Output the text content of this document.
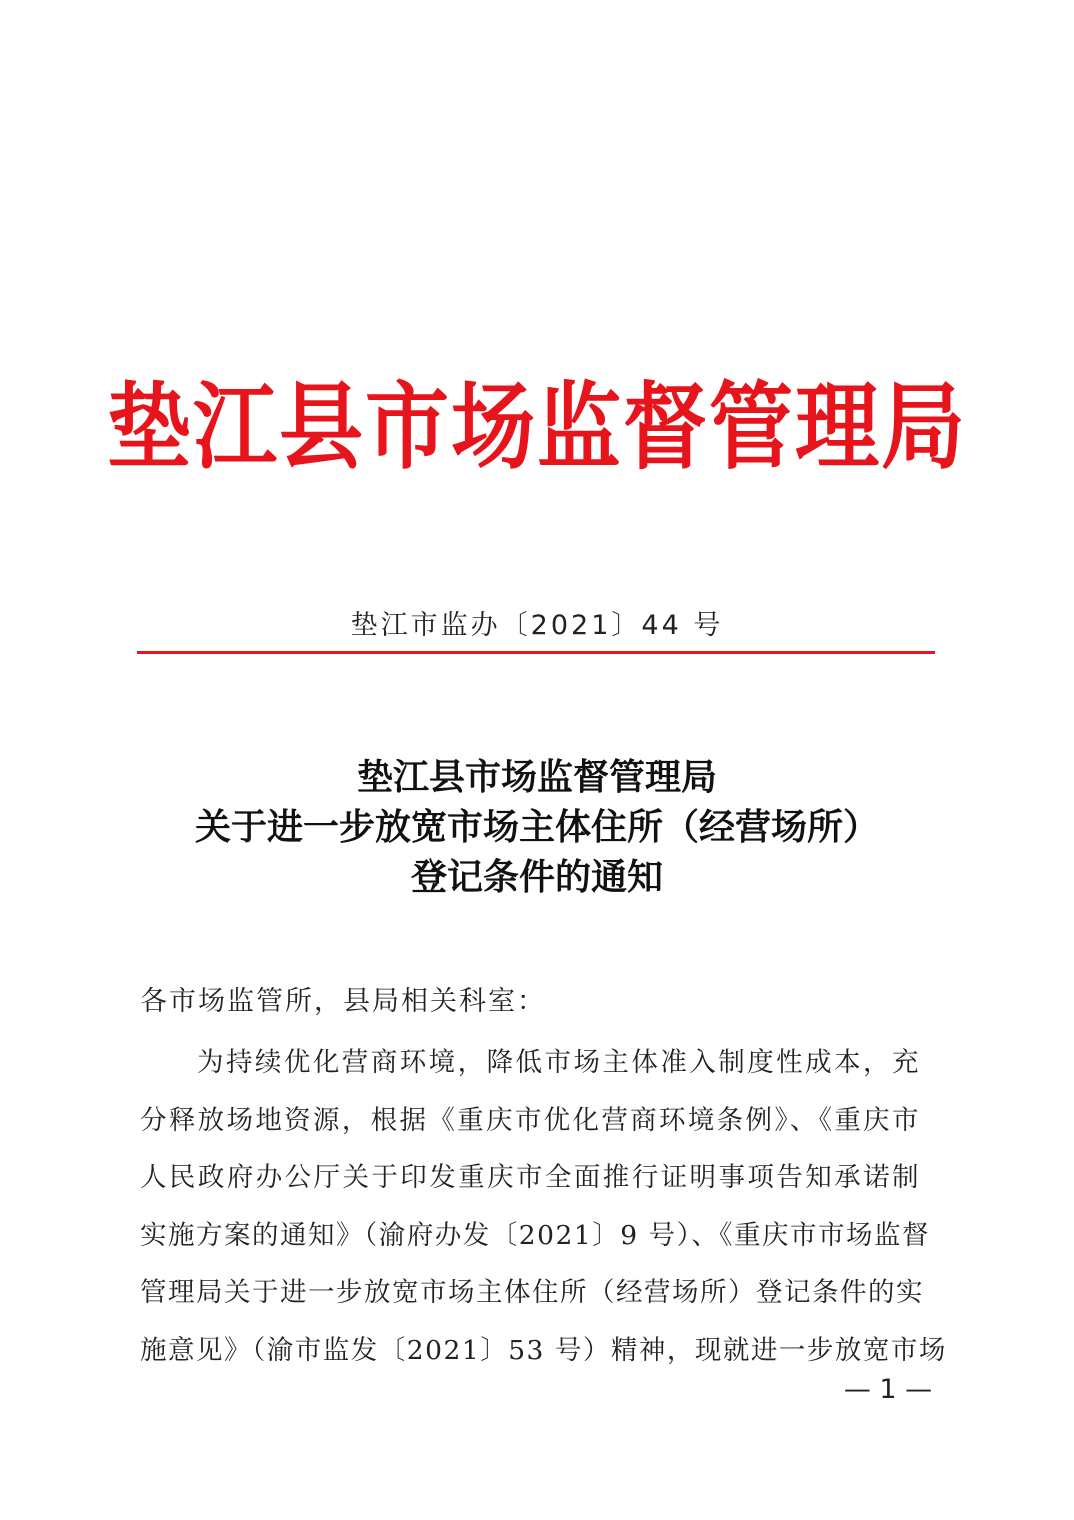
垫江县市场监督管理局
垫江市监办〔2021〕44 号
垫江县市场监督管理局
关于进一步放宽市场主体住所（经营场所）
登记条件的通知
各市场监管所，县局相关科室：
为持续优化营商环境，降低市场主体准入制度性成本，充
分释放场地资源，根据《重庆市优化营商环境条例》、《重庆市
人民政府办公厅关于印发重庆市全面推行证明事项告知承诺制
实施方案的通知》（渝府办发〔2021〕9 号）、《重庆市市场监督
管理局关于进一步放宽市场主体住所（经营场所）登记条件的实
施意见》（渝市监发〔2021〕53 号）精神，现就进一步放宽市场
— 1 —
